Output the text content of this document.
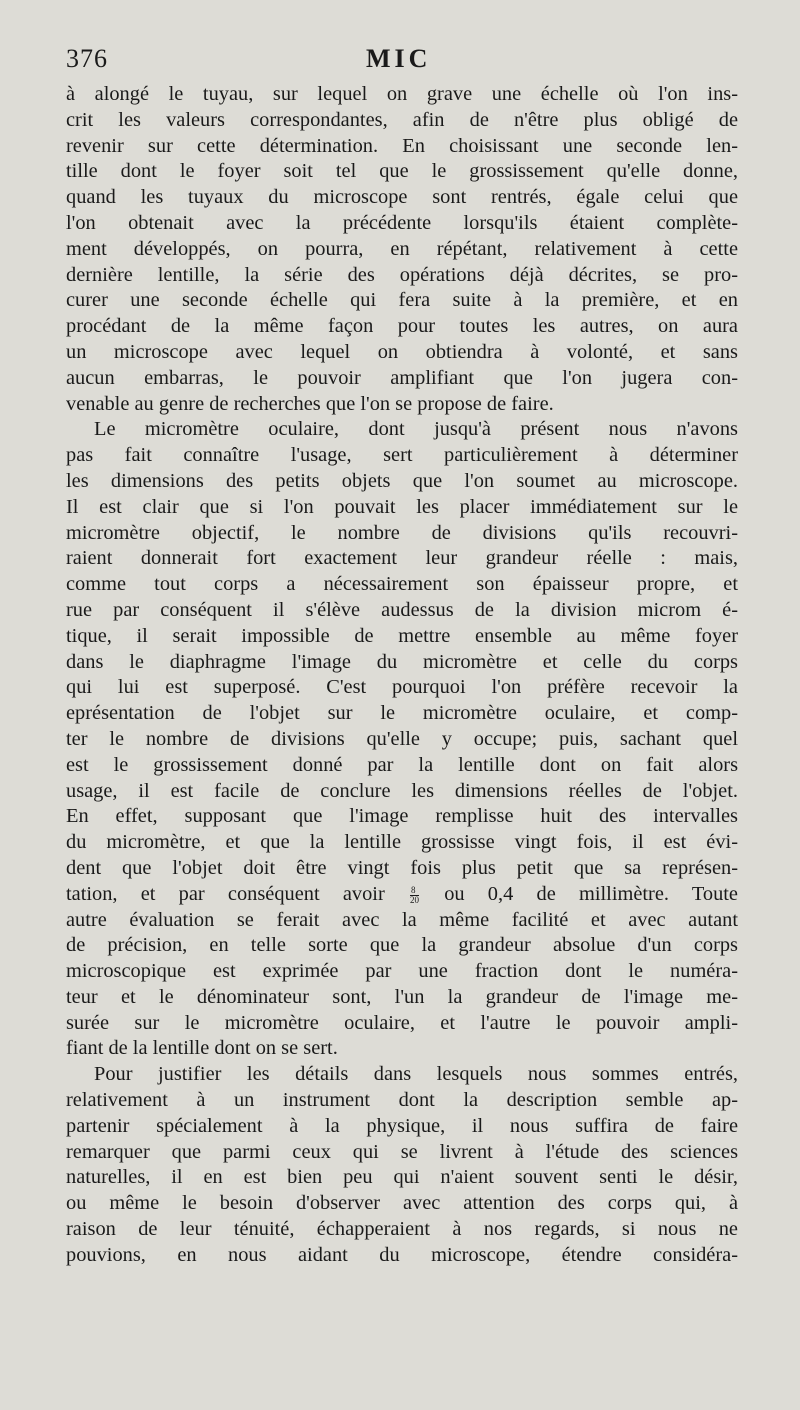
376	MIC
à alongé le tuyau, sur lequel on grave une échelle où l'on ins-
crit les valeurs correspondantes, afin de n'être plus obligé de
revenir sur cette détermination. En choisissant une seconde len-
tille dont le foyer soit tel que le grossissement qu'elle donne,
quand les tuyaux du microscope sont rentrés, égale celui que
l'on obtenait avec la précédente lorsqu'ils étaient complète-
ment développés, on pourra, en répétant, relativement à cette
dernière lentille, la série des opérations déjà décrites, se pro-
curer une seconde échelle qui fera suite à la première, et en
procédant de la même façon pour toutes les autres, on aura
un microscope avec lequel on obtiendra à volonté, et sans
aucun embarras, le pouvoir amplifiant que l'on jugera con-
venable au genre de recherches que l'on se propose de faire.
Le micromètre oculaire, dont jusqu'à présent nous n'avons
pas fait connaître l'usage, sert particulièrement à déterminer
les dimensions des petits objets que l'on soumet au microscope.
Il est clair que si l'on pouvait les placer immédiatement sur le
micromètre objectif, le nombre de divisions qu'ils recouvri-
raient donnerait fort exactement leur grandeur réelle : mais,
comme tout corps a nécessairement son épaisseur propre, et
rue par conséquent il s'élève audessus de la division microm é-
tique, il serait impossible de mettre ensemble au même foyer
dans le diaphragme l'image du micromètre et celle du corps
qui lui est superposé. C'est pourquoi l'on préfère recevoir la
eprésentation de l'objet sur le micromètre oculaire, et comp-
ter le nombre de divisions qu'elle y occupe; puis, sachant quel
est le grossissement donné par la lentille dont on fait alors
usage, il est facile de conclure les dimensions réelles de l'objet.
En effet, supposant que l'image remplisse huit des intervalles
du micromètre, et que la lentille grossisse vingt fois, il est évi-
dent que l'objet doit être vingt fois plus petit que sa représen-
tation, et par conséquent avoir	$\frac{8}{20}$ ou 0,4 de millimètre. Toute
autre évaluation se ferait avec la même facilité et avec autant
de précision, en telle sorte que la grandeur absolue d'un corps
microscopique est exprimée par une fraction dont le numéra-
teur et le dénominateur sont, l'un la grandeur de l'image me-
surée sur le micromètre oculaire, et l'autre le pouvoir ampli-
fiant de la lentille dont on se sert.
Pour justifier les détails dans lesquels nous sommes entrés,
relativement à un instrument dont la description semble ap-
partenir spécialement à la physique, il nous suffira de faire
remarquer que parmi ceux qui se livrent à l'étude des sciences
naturelles, il en est bien peu qui n'aient souvent senti le désir,
ou même le besoin d'observer avec attention des corps qui, à
raison de leur ténuité, échapperaient à nos regards, si nous ne
pouvions, en nous aidant du microscope, étendre considéra-
